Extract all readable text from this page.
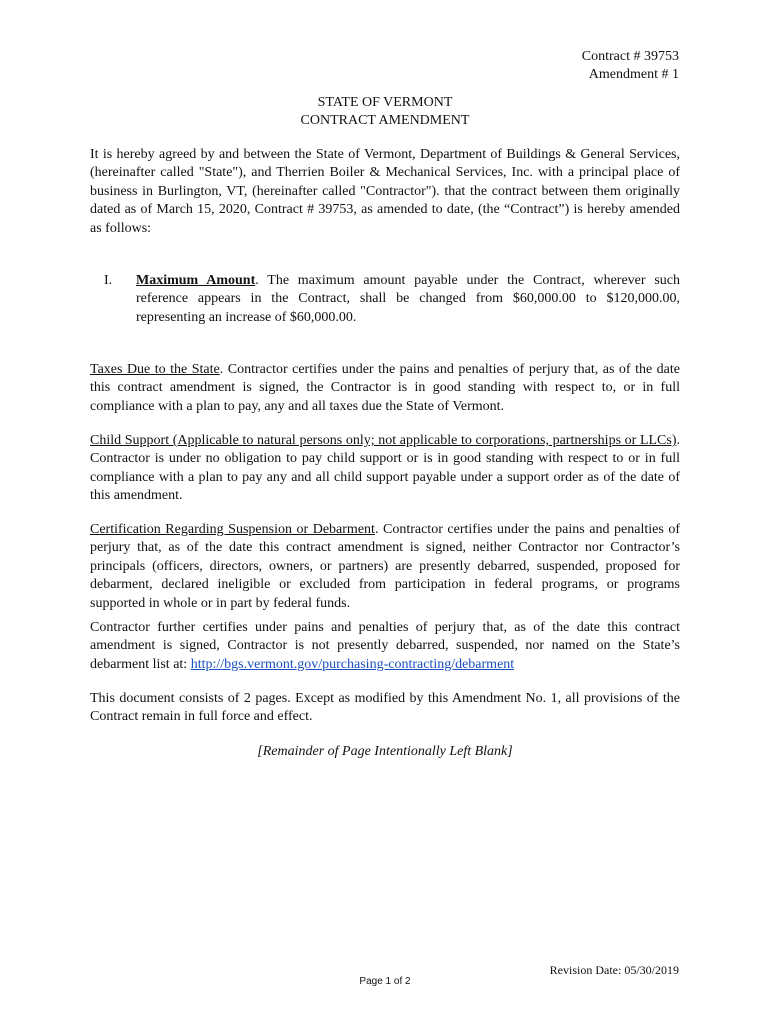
Contract # 39753
Amendment # 1
STATE OF VERMONT
CONTRACT AMENDMENT

It is hereby agreed by and between the State of Vermont, Department of Buildings & General Services, (hereinafter called "State"), and Therrien Boiler & Mechanical Services, Inc. with a principal place of business in Burlington, VT, (hereinafter called "Contractor"). that the contract between them originally dated as of March 15, 2020, Contract # 39753, as amended to date, (the “Contract”) is hereby amended as follows:

I. Maximum Amount. The maximum amount payable under the Contract, wherever such reference appears in the Contract, shall be changed from $60,000.00 to $120,000.00, representing an increase of $60,000.00.

Taxes Due to the State. Contractor certifies under the pains and penalties of perjury that, as of the date this contract amendment is signed, the Contractor is in good standing with respect to, or in full compliance with a plan to pay, any and all taxes due the State of Vermont.

Child Support (Applicable to natural persons only; not applicable to corporations, partnerships or LLCs). Contractor is under no obligation to pay child support or is in good standing with respect to or in full compliance with a plan to pay any and all child support payable under a support order as of the date of this amendment.

Certification Regarding Suspension or Debarment. Contractor certifies under the pains and penalties of perjury that, as of the date this contract amendment is signed, neither Contractor nor Contractor’s principals (officers, directors, owners, or partners) are presently debarred, suspended, proposed for debarment, declared ineligible or excluded from participation in federal programs, or programs supported in whole or in part by federal funds.

Contractor further certifies under pains and penalties of perjury that, as of the date this contract amendment is signed, Contractor is not presently debarred, suspended, nor named on the State’s debarment list at: http://bgs.vermont.gov/purchasing-contracting/debarment

This document consists of 2 pages. Except as modified by this Amendment No. 1, all provisions of the Contract remain in full force and effect.

[Remainder of Page Intentionally Left Blank]
Revision Date: 05/30/2019
Page 1 of 2
